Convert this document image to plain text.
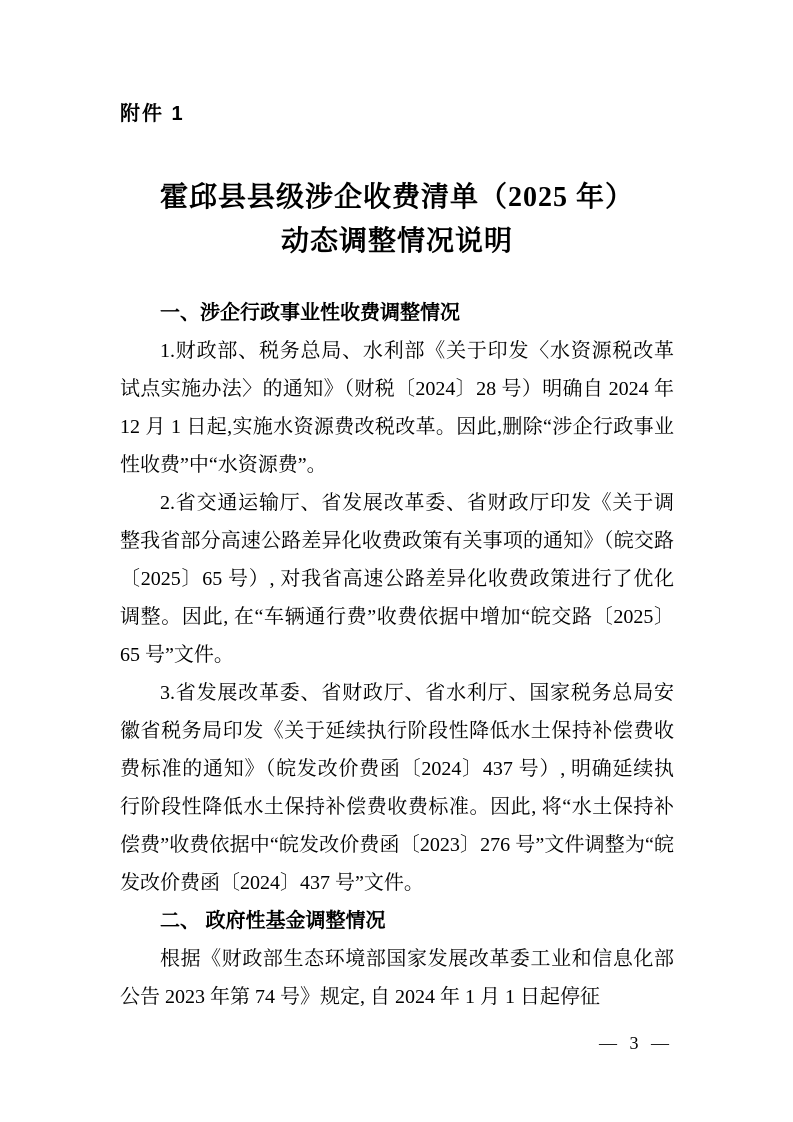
附件 1
霍邱县县级涉企收费清单（2025 年）
动态调整情况说明
一、涉企行政事业性收费调整情况

1.财政部、税务总局、水利部《关于印发〈水资源税改革试点实施办法〉的通知》（财税〔2024〕28 号）明确自 2024 年 12 月 1 日起,实施水资源费改税改革。因此,删除“涉企行政事业性收费”中“水资源费”。

2.省交通运输厅、省发展改革委、省财政厅印发《关于调整我省部分高速公路差异化收费政策有关事项的通知》（皖交路〔2025〕65 号）, 对我省高速公路差异化收费政策进行了优化调整。因此, 在“车辆通行费”收费依据中增加“皖交路〔2025〕65 号”文件。

3.省发展改革委、省财政厅、省水利厅、国家税务总局安徽省税务局印发《关于延续执行阶段性降低水土保持补偿费收费标准的通知》（皖发改价费函〔2024〕437 号）, 明确延续执行阶段性降低水土保持补偿费收费标准。因此, 将“水土保持补偿费”收费依据中“皖发改价费函〔2023〕276 号”文件调整为“皖发改价费函〔2024〕437 号”文件。

二、 政府性基金调整情况

根据《财政部生态环境部国家发展改革委工业和信息化部公告 2023 年第 74 号》规定, 自 2024 年 1 月 1 日起停征

— 3 —
